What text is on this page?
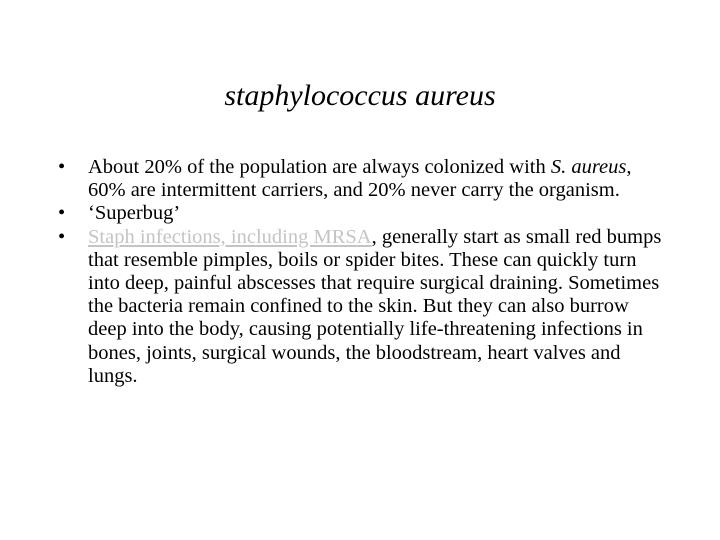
staphylococcus aureus
•	About 20% of the population are always colonized with S. aureus, 60% are intermittent carriers, and 20% never carry the organism.
•	‘Superbug’
•	Staph infections, including MRSA, generally start as small red bumps that resemble pimples, boils or spider bites. These can quickly turn into deep, painful abscesses that require surgical draining. Sometimes the bacteria remain confined to the skin. But they can also burrow deep into the body, causing potentially life-threatening infections in bones, joints, surgical wounds, the bloodstream, heart valves and lungs.
